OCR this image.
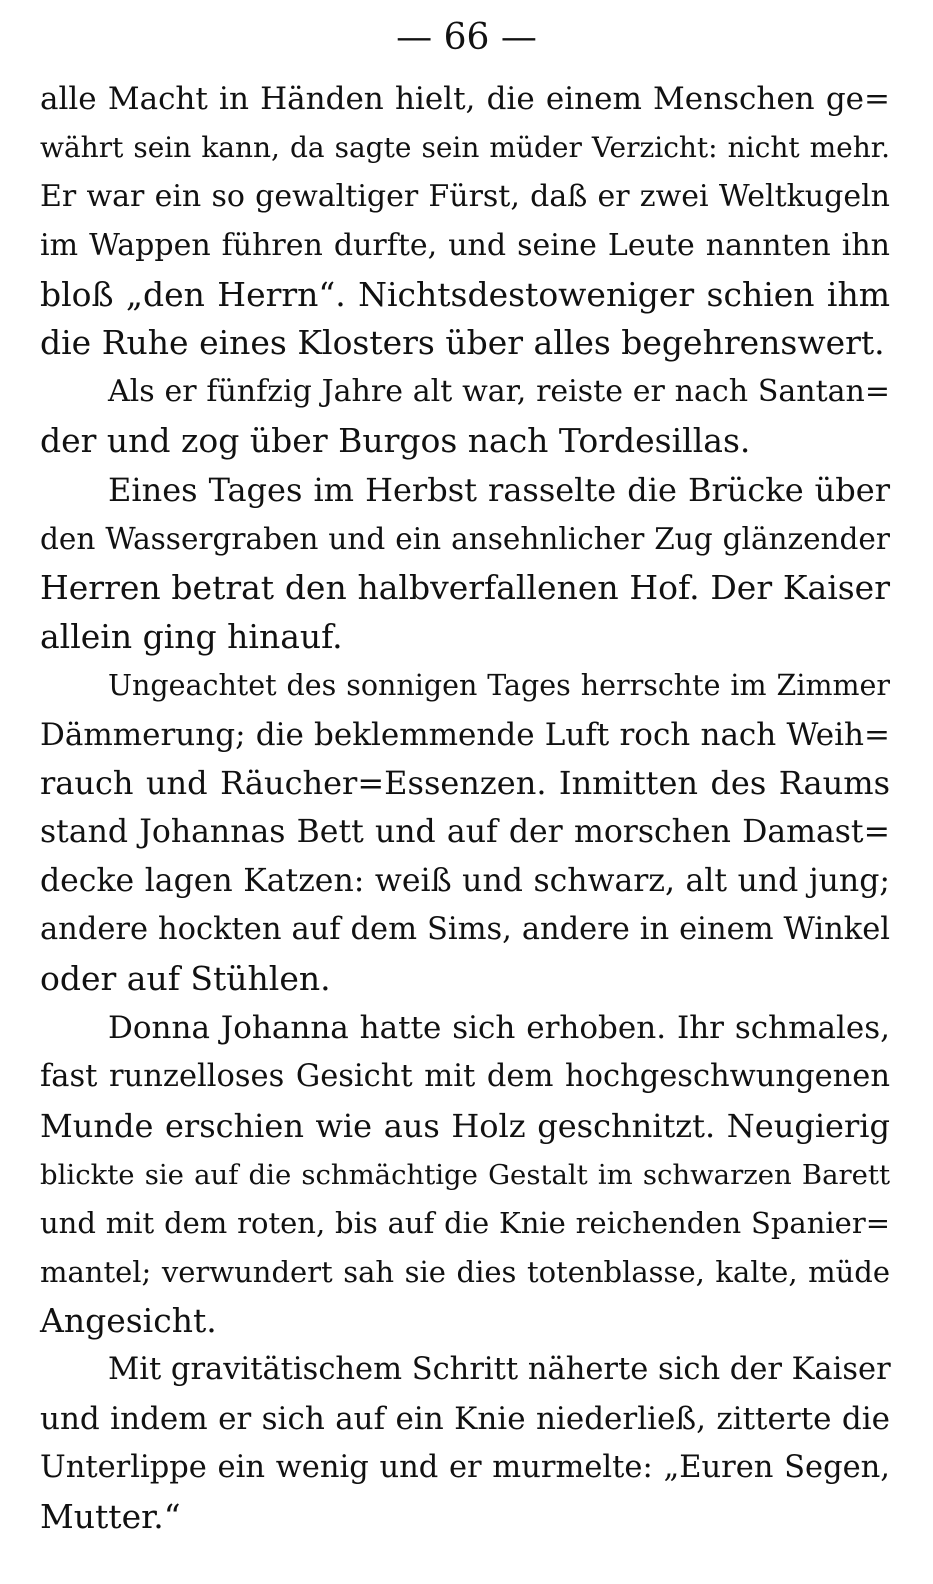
— 66 —
alle Macht in Händen hielt, die einem Menschen ge=
währt sein kann, da sagte sein müder Verzicht: nicht mehr.
Er war ein so gewaltiger Fürst, daß er zwei Weltkugeln
im Wappen führen durfte, und seine Leute nannten ihn
bloß „den Herrn“. Nichtsdestoweniger schien ihm
die Ruhe eines Klosters über alles begehrenswert.
Als er fünfzig Jahre alt war, reiste er nach Santan=
der und zog über Burgos nach Tordesillas.
Eines Tages im Herbst rasselte die Brücke über
den Wassergraben und ein ansehnlicher Zug glänzender
Herren betrat den halbverfallenen Hof. Der Kaiser
allein ging hinauf.
Ungeachtet des sonnigen Tages herrschte im Zimmer
Dämmerung; die beklemmende Luft roch nach Weih=
rauch und Räucher=Essenzen. Inmitten des Raums
stand Johannas Bett und auf der morschen Damast=
decke lagen Katzen: weiß und schwarz, alt und jung;
andere hockten auf dem Sims, andere in einem Winkel
oder auf Stühlen.
Donna Johanna hatte sich erhoben. Ihr schmales,
fast runzelloses Gesicht mit dem hochgeschwungenen
Munde erschien wie aus Holz geschnitzt. Neugierig
blickte sie auf die schmächtige Gestalt im schwarzen Barett
und mit dem roten, bis auf die Knie reichenden Spanier=
mantel; verwundert sah sie dies totenblasse, kalte, müde
Angesicht.
Mit gravitätischem Schritt näherte sich der Kaiser
und indem er sich auf ein Knie niederließ, zitterte die
Unterlippe ein wenig und er murmelte: „Euren Segen,
Mutter.“
